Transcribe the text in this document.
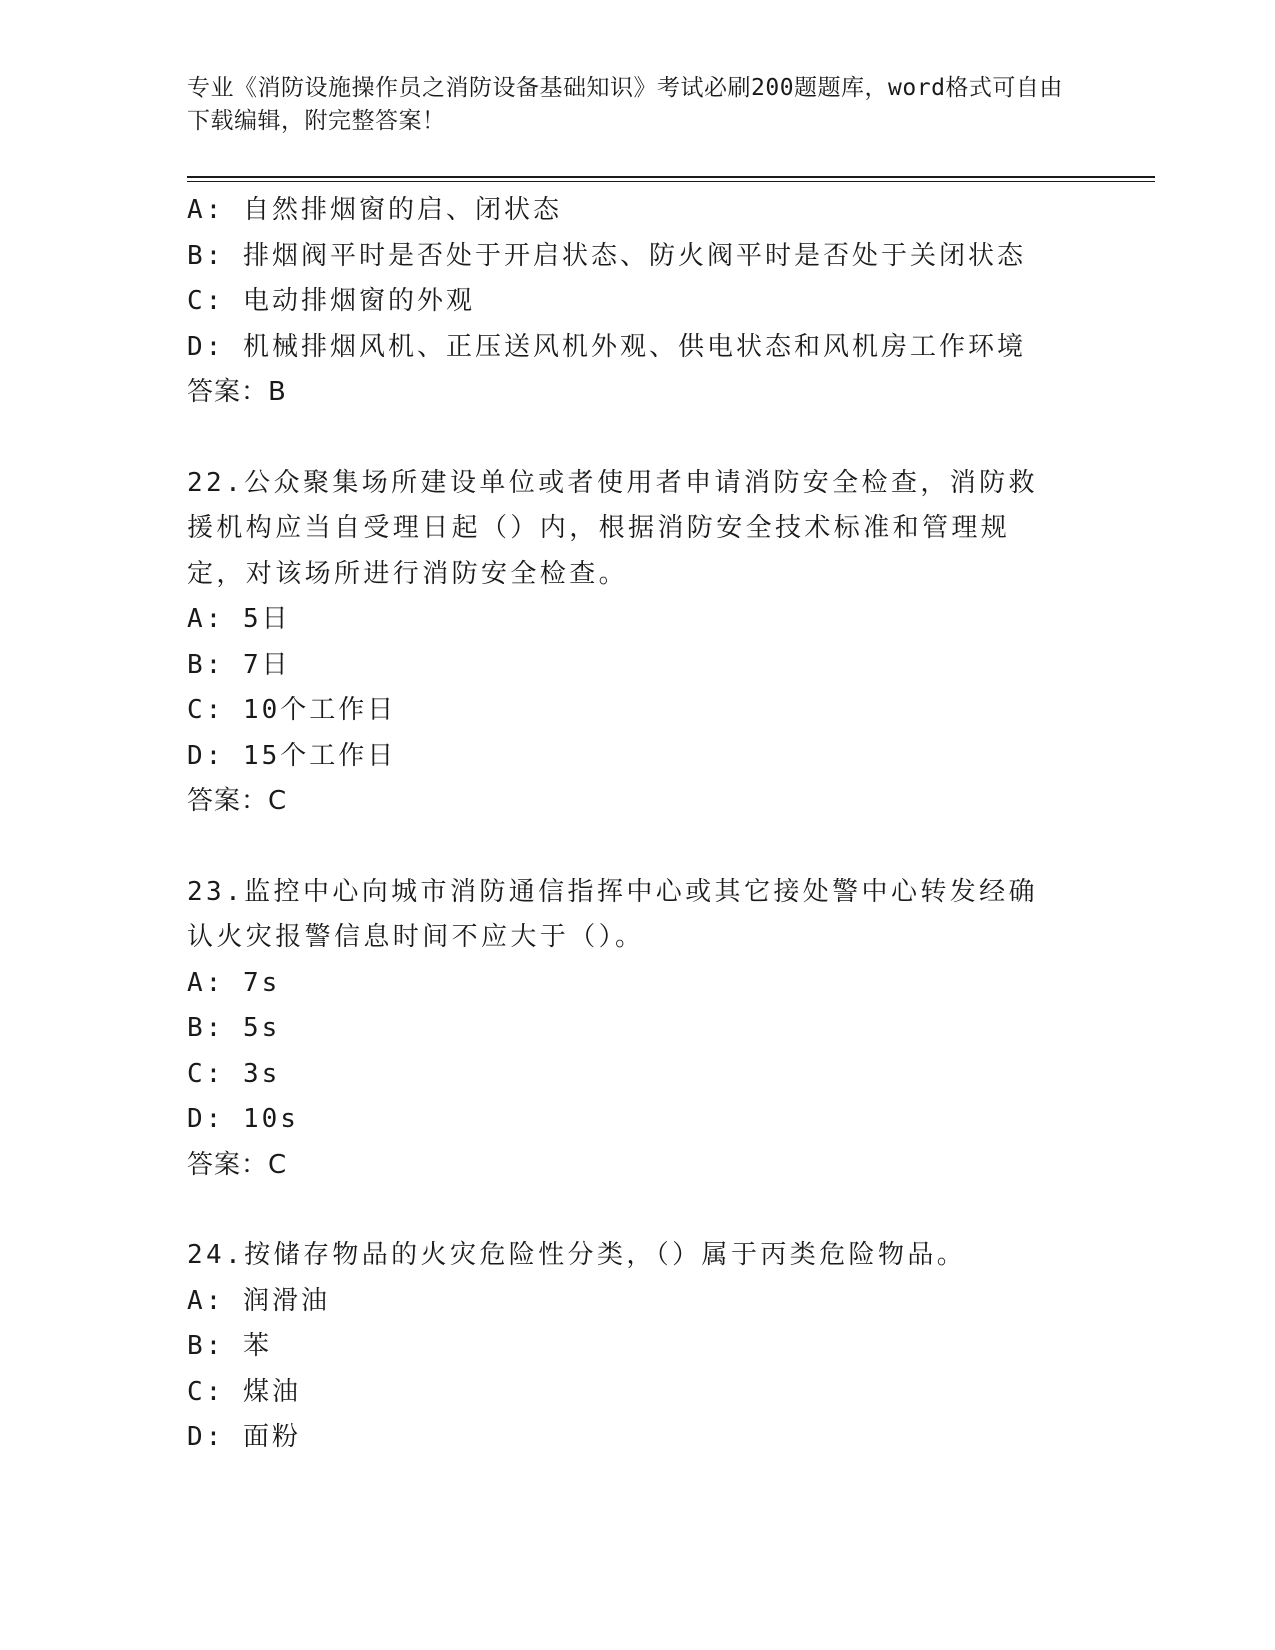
专业《消防设施操作员之消防设备基础知识》考试必刷200题题库，word格式可自由下载编辑，附完整答案！
A: 自然排烟窗的启、闭状态
B: 排烟阀平时是否处于开启状态、防火阀平时是否处于关闭状态
C: 电动排烟窗的外观
D: 机械排烟风机、正压送风机外观、供电状态和风机房工作环境
答案：B
22.公众聚集场所建设单位或者使用者申请消防安全检查，消防救援机构应当自受理日起（）内，根据消防安全技术标准和管理规定，对该场所进行消防安全检查。
A: 5日
B: 7日
C: 10个工作日
D: 15个工作日
答案：C
23.监控中心向城市消防通信指挥中心或其它接处警中心转发经确认火灾报警信息时间不应大于（）。
A: 7s
B: 5s
C: 3s
D: 10s
答案：C
24.按储存物品的火灾危险性分类，（）属于丙类危险物品。
A: 润滑油
B: 苯
C: 煤油
D: 面粉
